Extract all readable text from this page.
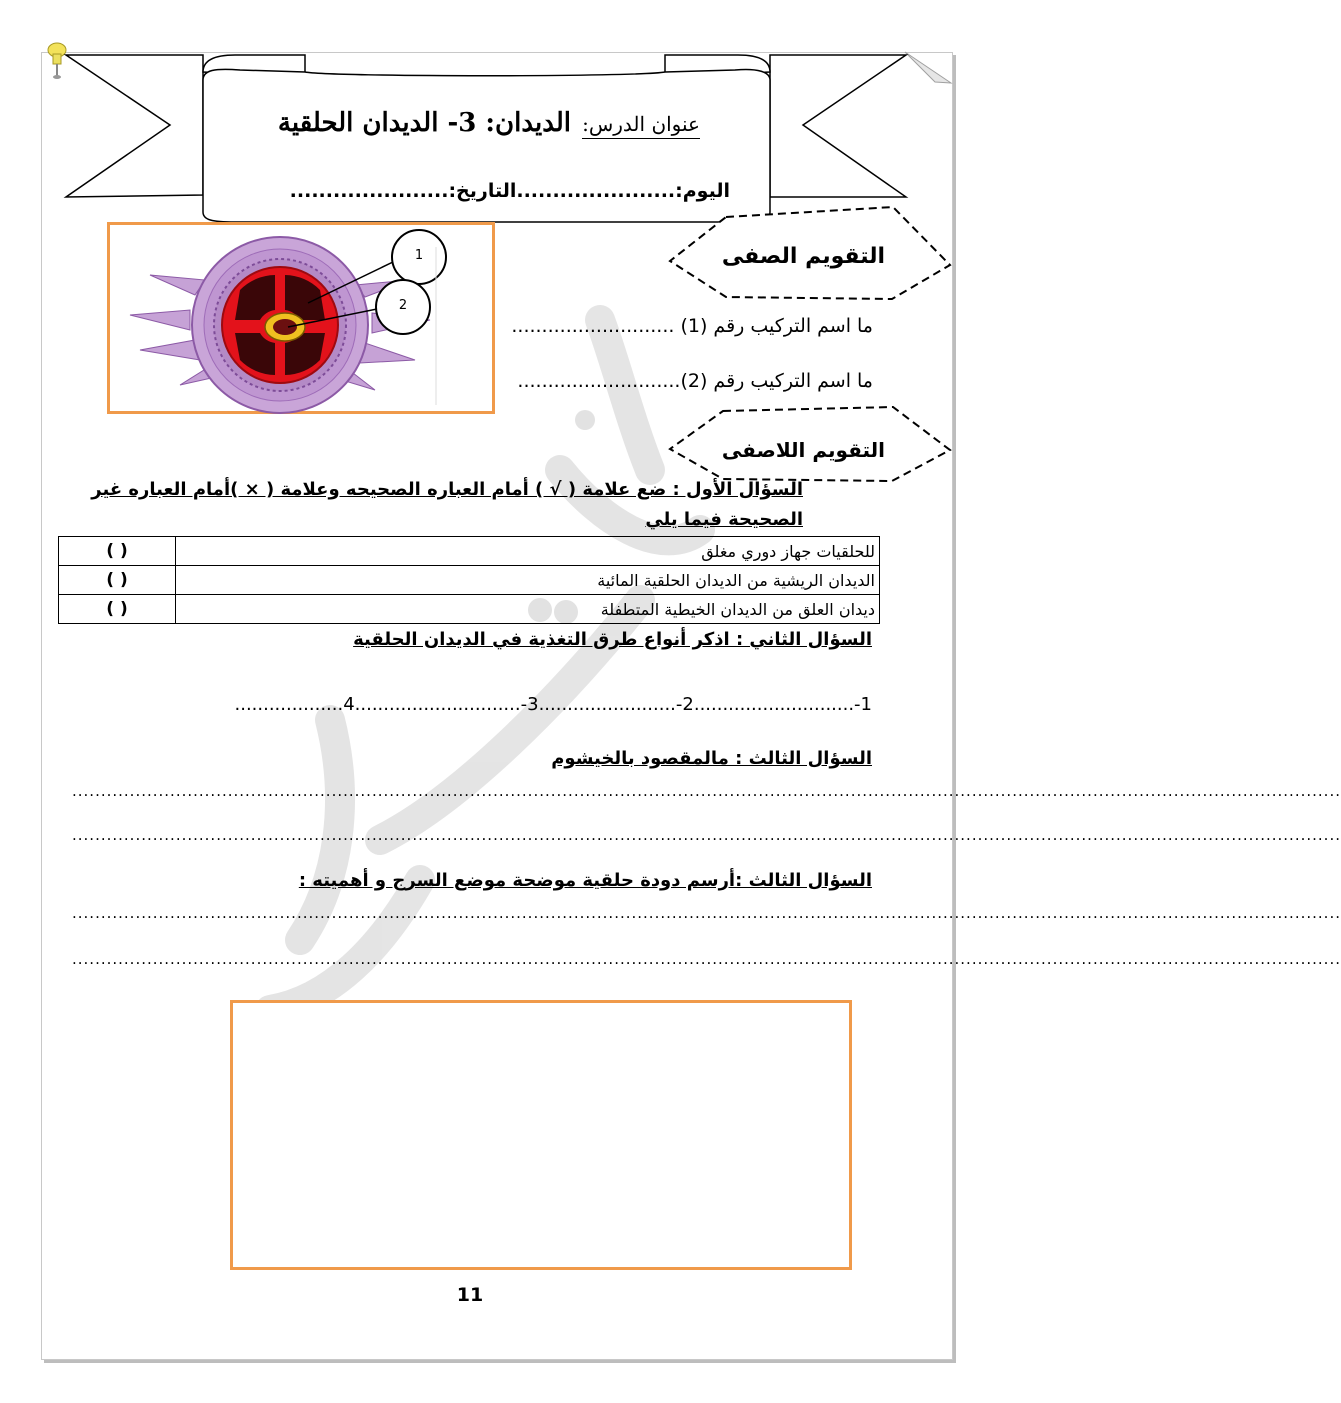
عنوان الدرس: الديدان: 3- الديدان الحلقية
اليوم:......................التاريخ:......................
1
2
التقويم الصفى
ما اسم التركيب رقم (1) ...........................
ما اسم التركيب رقم (2)...........................
التقويم اللاصفى
السؤال الأول : ضع علامة ( √ ) أمام العباره الصحيحه وعلامة ( × )أمام العباره غير الصحيحة فيما يلي
للحلقيات جهاز دوري مغلق	( )
الديدان الريشية من الديدان الحلقية المائية	( )
ديدان العلق من الديدان الخيطية المتطفلة	( )
السؤال الثاني : اذكر أنواع طرق التغذية في الديدان الحلقية
1-............................2-........................3-.............................4...................
السؤال الثالث : مالمقصود بالخيشوم
............................................................................................................................................................................................................................
............................................................................................................................................................................................................................
السؤال الثالث :أرسم دودة حلقية موضحة موضع السرج و أهميته :
............................................................................................................................................................................................................................
............................................................................................................................................................................................................................
11
